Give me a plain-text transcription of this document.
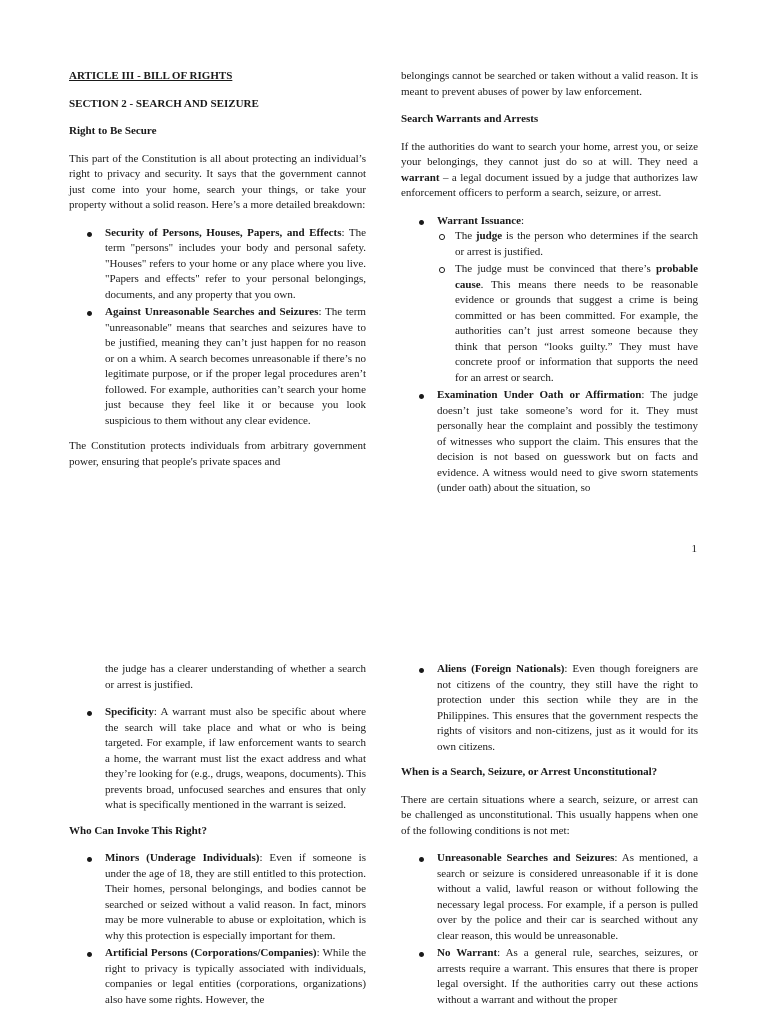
ARTICLE III - BILL OF RIGHTS

SECTION 2 - SEARCH AND SEIZURE

Right to Be Secure

This part of the Constitution is all about protecting an individual’s right to privacy and security. It says that the government cannot just come into your home, search your things, or take your property without a solid reason. Here’s a more detailed breakdown:

Security of Persons, Houses, Papers, and Effects: The term "persons" includes your body and personal safety. "Houses" refers to your home or any place where you live. "Papers and effects" refer to your personal belongings, documents, and any property that you own.
Against Unreasonable Searches and Seizures: The term "unreasonable" means that searches and seizures have to be justified, meaning they can’t just happen for no reason or on a whim. A search becomes unreasonable if there’s no legitimate purpose, or if the proper legal procedures aren’t followed. For example, authorities can’t search your home just because they feel like it or because you look suspicious to them without any clear evidence.

The Constitution protects individuals from arbitrary government power, ensuring that people's private spaces and

belongings cannot be searched or taken without a valid reason. It is meant to prevent abuses of power by law enforcement.

Search Warrants and Arrests

If the authorities do want to search your home, arrest you, or seize your belongings, they cannot just do so at will. They need a warrant – a legal document issued by a judge that authorizes law enforcement officers to perform a search, seizure, or arrest.

Warrant Issuance:
The judge is the person who determines if the search or arrest is justified.
The judge must be convinced that there’s probable cause. This means there needs to be reasonable evidence or grounds that suggest a crime is being committed or has been committed. For example, the authorities can’t just arrest someone because they think that person “looks guilty.” They must have concrete proof or information that supports the need for an arrest or search.
Examination Under Oath or Affirmation: The judge doesn’t just take someone’s word for it. They must personally hear the complaint and possibly the testimony of witnesses who support the claim. This ensures that the decision is not based on guesswork but on facts and evidence. A witness would need to give sworn statements (under oath) about the situation, so
1

the judge has a clearer understanding of whether a search or arrest is justified.

Specificity: A warrant must also be specific about where the search will take place and what or who is being targeted. For example, if law enforcement wants to search a home, the warrant must list the exact address and what they’re looking for (e.g., drugs, weapons, documents). This prevents broad, unfocused searches and ensures that only what is specifically mentioned in the warrant is seized.

Who Can Invoke This Right?

Minors (Underage Individuals): Even if someone is under the age of 18, they are still entitled to this protection. Their homes, personal belongings, and bodies cannot be searched or seized without a valid reason. In fact, minors may be more vulnerable to abuse or exploitation, which is why this protection is especially important for them.
Artificial Persons (Corporations/Companies): While the right to privacy is typically associated with individuals, companies or legal entities (corporations, organizations) also have some rights. However, the
Aliens (Foreign Nationals): Even though foreigners are not citizens of the country, they still have the right to protection under this section while they are in the Philippines. This ensures that the government respects the rights of visitors and non-citizens, just as it would for its own citizens.

When is a Search, Seizure, or Arrest Unconstitutional?

There are certain situations where a search, seizure, or arrest can be challenged as unconstitutional. This usually happens when one of the following conditions is not met:

Unreasonable Searches and Seizures: As mentioned, a search or seizure is considered unreasonable if it is done without a valid, lawful reason or without following the necessary legal process. For example, if a person is pulled over by the police and their car is searched without any clear reason, this would be unreasonable.
No Warrant: As a general rule, searches, seizures, or arrests require a warrant. This ensures that there is proper legal oversight. If the authorities carry out these actions without a warrant and without the proper
